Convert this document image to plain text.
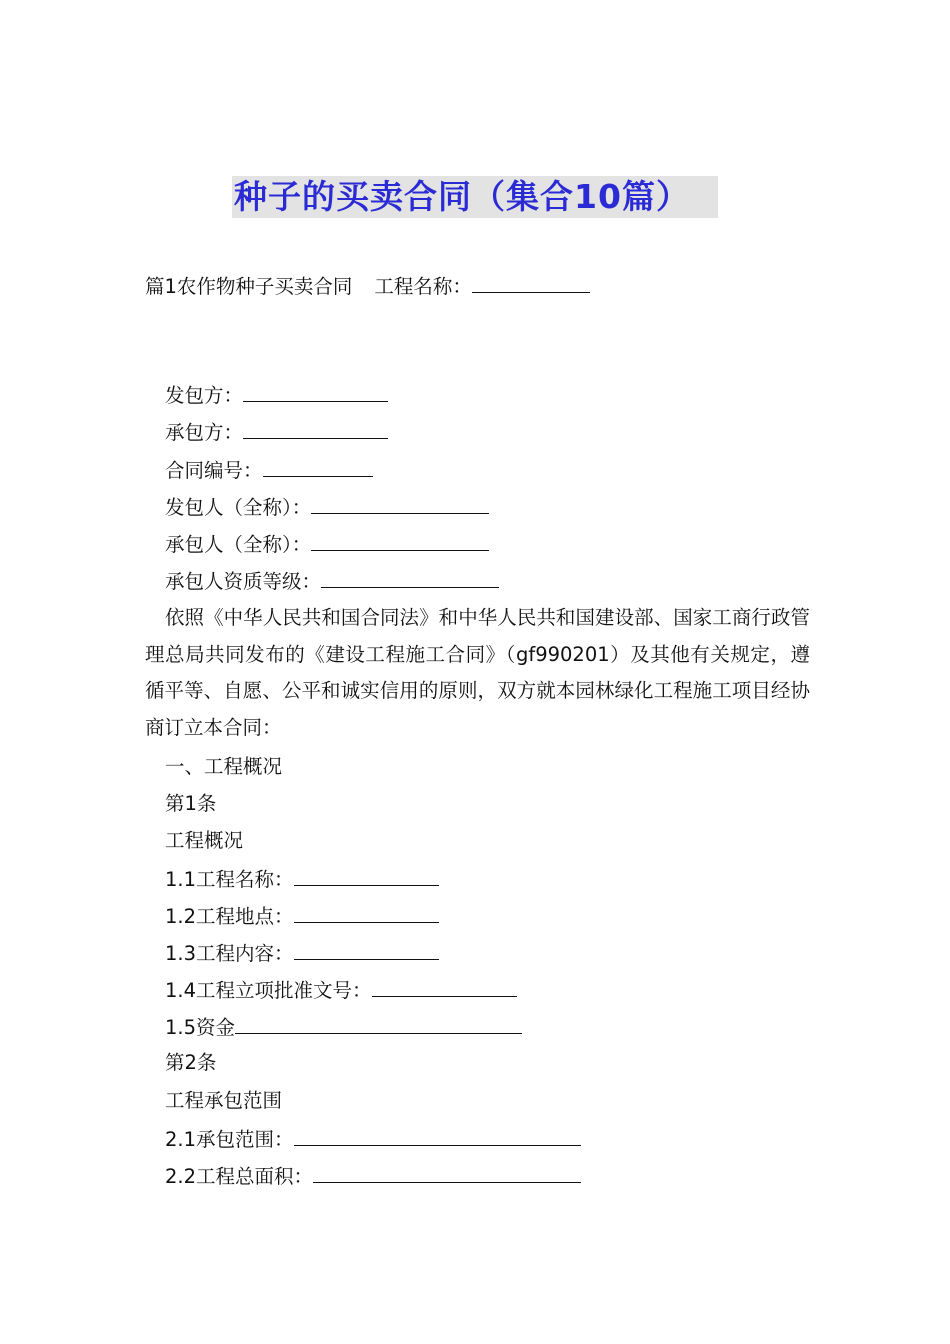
种子的买卖合同（集合10篇）
篇1农作物种子买卖合同 工程名称：
发包方：
承包方：
合同编号：
发包人（全称）：
承包人（全称）：
承包人资质等级：
依照《中华人民共和国合同法》和中华人民共和国建设部、国家工商行政管理总局共同发布的《建设工程施工合同》（gf990201）及其他有关规定，遵循平等、自愿、公平和诚实信用的原则，双方就本园林绿化工程施工项目经协商订立本合同：
一、工程概况
第1条
工程概况
1.1工程名称：
1.2工程地点：
1.3工程内容：
1.4工程立项批准文号：
1.5资金
第2条
工程承包范围
2.1承包范围：
2.2工程总面积：
